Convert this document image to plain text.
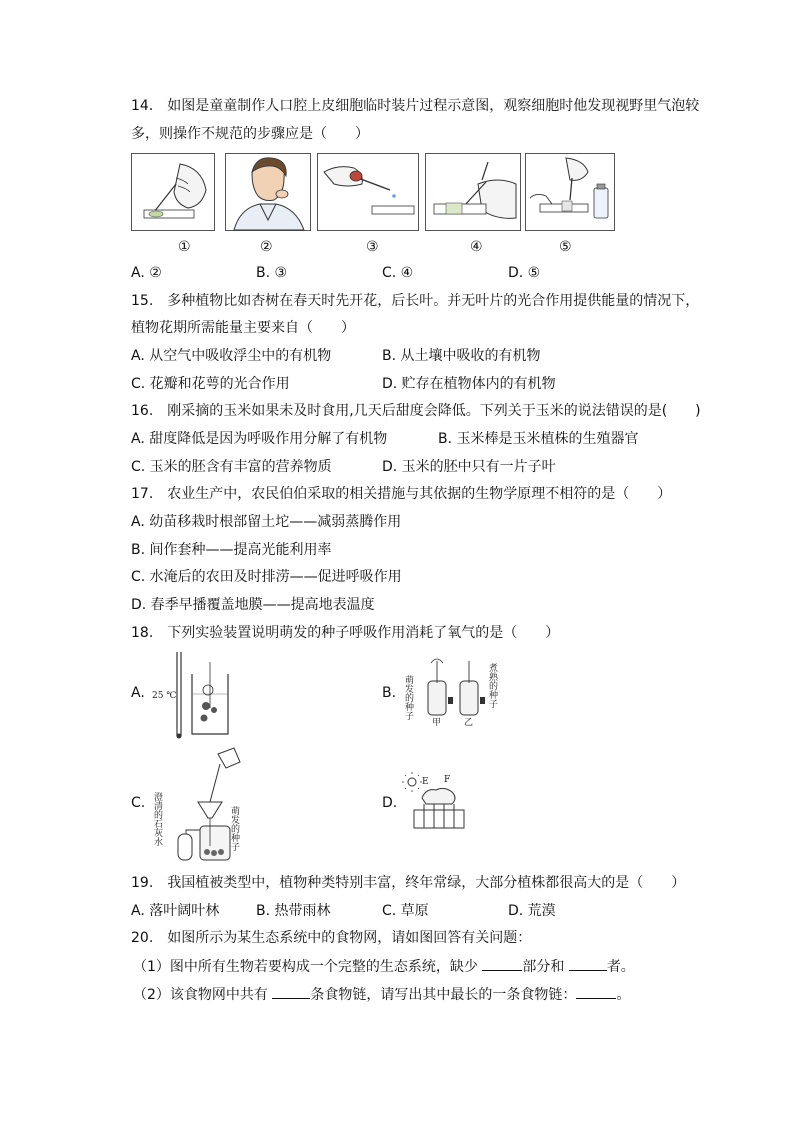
14.　如图是童童制作人口腔上皮细胞临时装片过程示意图，观察细胞时他发现视野里气泡较
多，则操作不规范的步骤应是（　　）
①	②	③	④	⑤
A. ②	B. ③	C. ④	D. ⑤
15.　多种植物比如杏树在春天时先开花，后长叶。并无叶片的光合作用提供能量的情况下，
植物花期所需能量主要来自（　　）
A. 从空气中吸收浮尘中的有机物	B. 从土壤中吸收的有机物
C. 花瓣和花萼的光合作用	D. 贮存在植物体内的有机物
16.　刚采摘的玉米如果未及时食用,几天后甜度会降低。下列关于玉米的说法错误的是(　　)
A. 甜度降低是因为呼吸作用分解了有机物	B. 玉米棒是玉米植株的生殖器官
C. 玉米的胚含有丰富的营养物质	D. 玉米的胚中只有一片子叶
17.　农业生产中，农民伯伯采取的相关措施与其依据的生物学原理不相符的是（　　）
A. 幼苗移栽时根部留土坨——减弱蒸腾作用
B. 间作套种——提高光能利用率
C. 水淹后的农田及时排涝——促进呼吸作用
D. 春季早播覆盖地膜——提高地表温度
18.　下列实验装置说明萌发的种子呼吸作用消耗了氧气的是（　　）
A. 25 ℃	B. 萌发的种子	煮熟的种子
甲	乙
C. 澄清的石灰水	萌发的种子
D.
E F
19.　我国植被类型中，植物种类特别丰富，终年常绿，大部分植株都很高大的是（　　）
A. 落叶阔叶林	B. 热带雨林	C. 草原	D. 荒漠
20.　如图所示为某生态系统中的食物网，请如图回答有关问题：
（1）图中所有生物若要构成一个完整的生态系统，缺少	部分和	者。
（2）该食物网中共有	条食物链，请写出其中最长的一条食物链：	。
